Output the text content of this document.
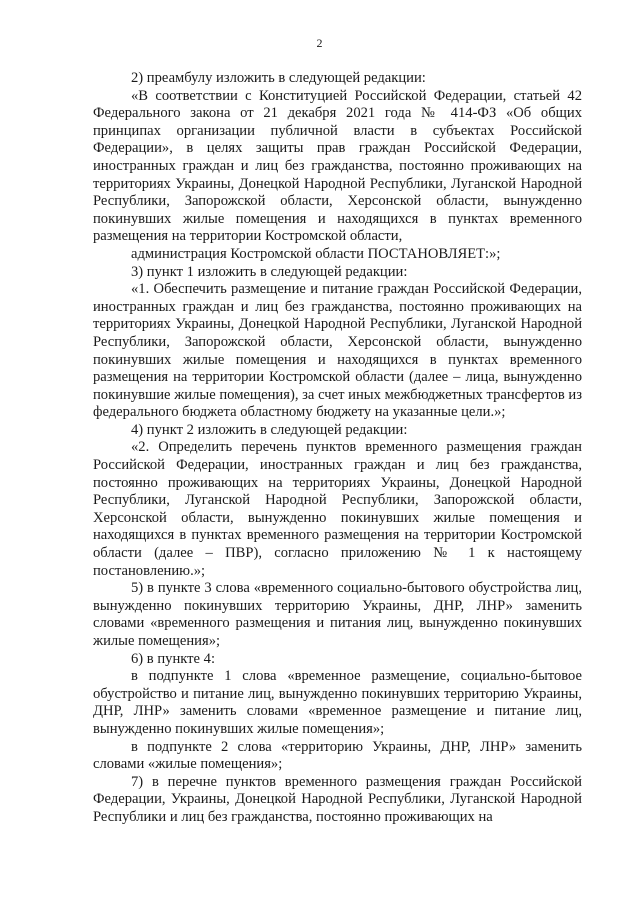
2

2) преамбулу изложить в следующей редакции:

«В соответствии с Конституцией Российской Федерации, статьей 42 Федерального закона от 21 декабря 2021 года № 414-ФЗ «Об общих принципах организации публичной власти в субъектах Российской Федерации», в целях защиты прав граждан Российской Федерации, иностранных граждан и лиц без гражданства, постоянно проживающих на территориях Украины, Донецкой Народной Республики, Луганской Народной Республики, Запорожской области, Херсонской области, вынужденно покинувших жилые помещения и находящихся в пунктах временного размещения на территории Костромской области,

администрация Костромской области ПОСТАНОВЛЯЕТ:»;

3) пункт 1 изложить в следующей редакции:

«1. Обеспечить размещение и питание граждан Российской Федерации, иностранных граждан и лиц без гражданства, постоянно проживающих на территориях Украины, Донецкой Народной Республики, Луганской Народной Республики, Запорожской области, Херсонской области, вынужденно покинувших жилые помещения и находящихся в пунктах временного размещения на территории Костромской области (далее – лица, вынужденно покинувшие жилые помещения), за счет иных межбюджетных трансфертов из федерального бюджета областному бюджету на указанные цели.»;

4) пункт 2 изложить в следующей редакции:

«2. Определить перечень пунктов временного размещения граждан Российской Федерации, иностранных граждан и лиц без гражданства, постоянно проживающих на территориях Украины, Донецкой Народной Республики, Луганской Народной Республики, Запорожской области, Херсонской области, вынужденно покинувших жилые помещения и находящихся в пунктах временного размещения на территории Костромской области (далее – ПВР), согласно приложению № 1 к настоящему постановлению.»;

5) в пункте 3 слова «временного социально-бытового обустройства лиц, вынужденно покинувших территорию Украины, ДНР, ЛНР» заменить словами «временного размещения и питания лиц, вынужденно покинувших жилые помещения»;

6) в пункте 4:

в подпункте 1 слова «временное размещение, социально-бытовое обустройство и питание лиц, вынужденно покинувших территорию Украины, ДНР, ЛНР» заменить словами «временное размещение и питание лиц, вынужденно покинувших жилые помещения»;

в подпункте 2 слова «территорию Украины, ДНР, ЛНР» заменить словами «жилые помещения»;

7) в перечне пунктов временного размещения граждан Российской Федерации, Украины, Донецкой Народной Республики, Луганской Народной Республики и лиц без гражданства, постоянно проживающих на
